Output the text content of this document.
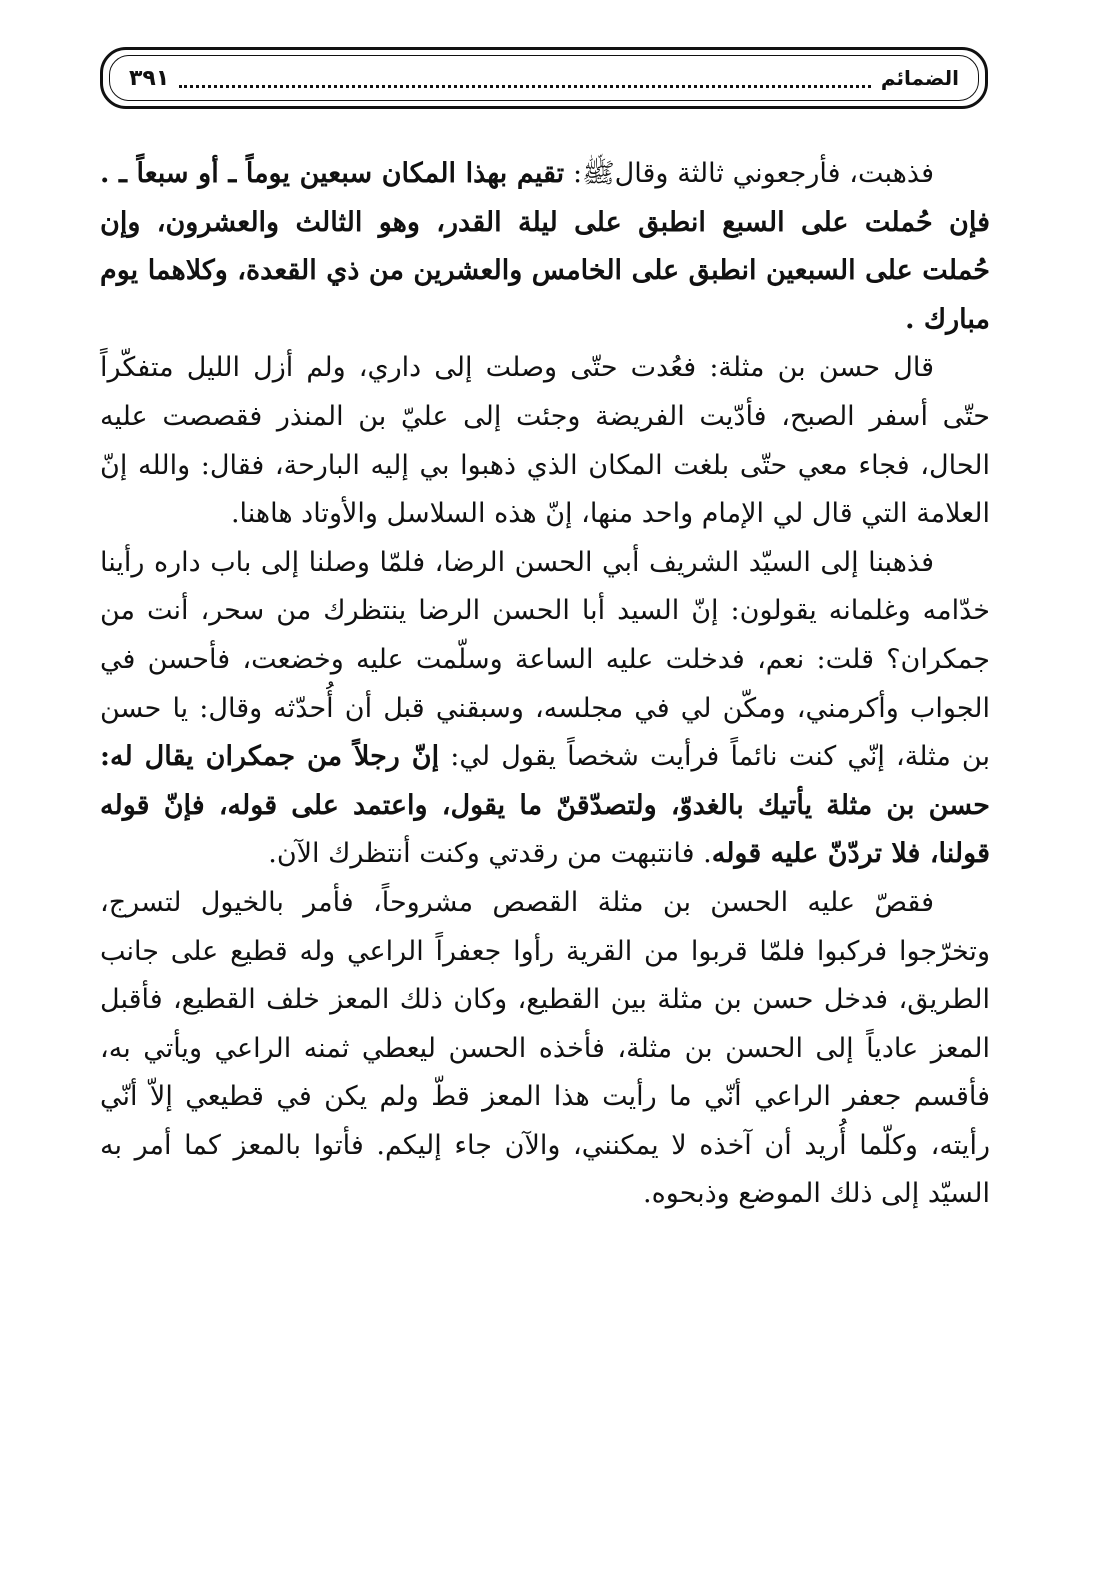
الضمائم
٣٩١

فذهبت، فأرجعوني ثالثة وقالﷺ: تقيم بهذا المكان سبعين يوماً ـ أو سبعاً ـ . فإن حُملت على السبع انطبق على ليلة القدر، وهو الثالث والعشرون، وإن حُملت على السبعين انطبق على الخامس والعشرين من ذي القعدة، وكلاهما يوم مبارك .

قال حسن بن مثلة: فعُدت حتّى وصلت إلى داري، ولم أزل الليل متفكّراً حتّى أسفر الصبح، فأدّيت الفريضة وجئت إلى عليّ بن المنذر فقصصت عليه الحال، فجاء معي حتّى بلغت المكان الذي ذهبوا بي إليه البارحة، فقال: والله إنّ العلامة التي قال لي الإمام واحد منها، إنّ هذه السلاسل والأوتاد هاهنا.

فذهبنا إلى السيّد الشريف أبي الحسن الرضا، فلمّا وصلنا إلى باب داره رأينا خدّامه وغلمانه يقولون: إنّ السيد أبا الحسن الرضا ينتظرك من سحر، أنت من جمكران؟ قلت: نعم، فدخلت عليه الساعة وسلّمت عليه وخضعت، فأحسن في الجواب وأكرمني، ومكّن لي في مجلسه، وسبقني قبل أن أُحدّثه وقال: يا حسن بن مثلة، إنّي كنت نائماً فرأيت شخصاً يقول لي: إنّ رجلاً من جمكران يقال له: حسن بن مثلة يأتيك بالغدوّ، ولتصدّقنّ ما يقول، واعتمد على قوله، فإنّ قوله قولنا، فلا تردّنّ عليه قوله. فانتبهت من رقدتي وكنت أنتظرك الآن.

فقصّ عليه الحسن بن مثلة القصص مشروحاً، فأمر بالخيول لتسرج، وتخرّجوا فركبوا فلمّا قربوا من القرية رأوا جعفراً الراعي وله قطيع على جانب الطريق، فدخل حسن بن مثلة بين القطيع، وكان ذلك المعز خلف القطيع، فأقبل المعز عادياً إلى الحسن بن مثلة، فأخذه الحسن ليعطي ثمنه الراعي ويأتي به، فأقسم جعفر الراعي أنّي ما رأيت هذا المعز قطّ ولم يكن في قطيعي إلاّ أنّي رأيته، وكلّما أُريد أن آخذه لا يمكنني، والآن جاء إليكم. فأتوا بالمعز كما أمر به السيّد إلى ذلك الموضع وذبحوه.
